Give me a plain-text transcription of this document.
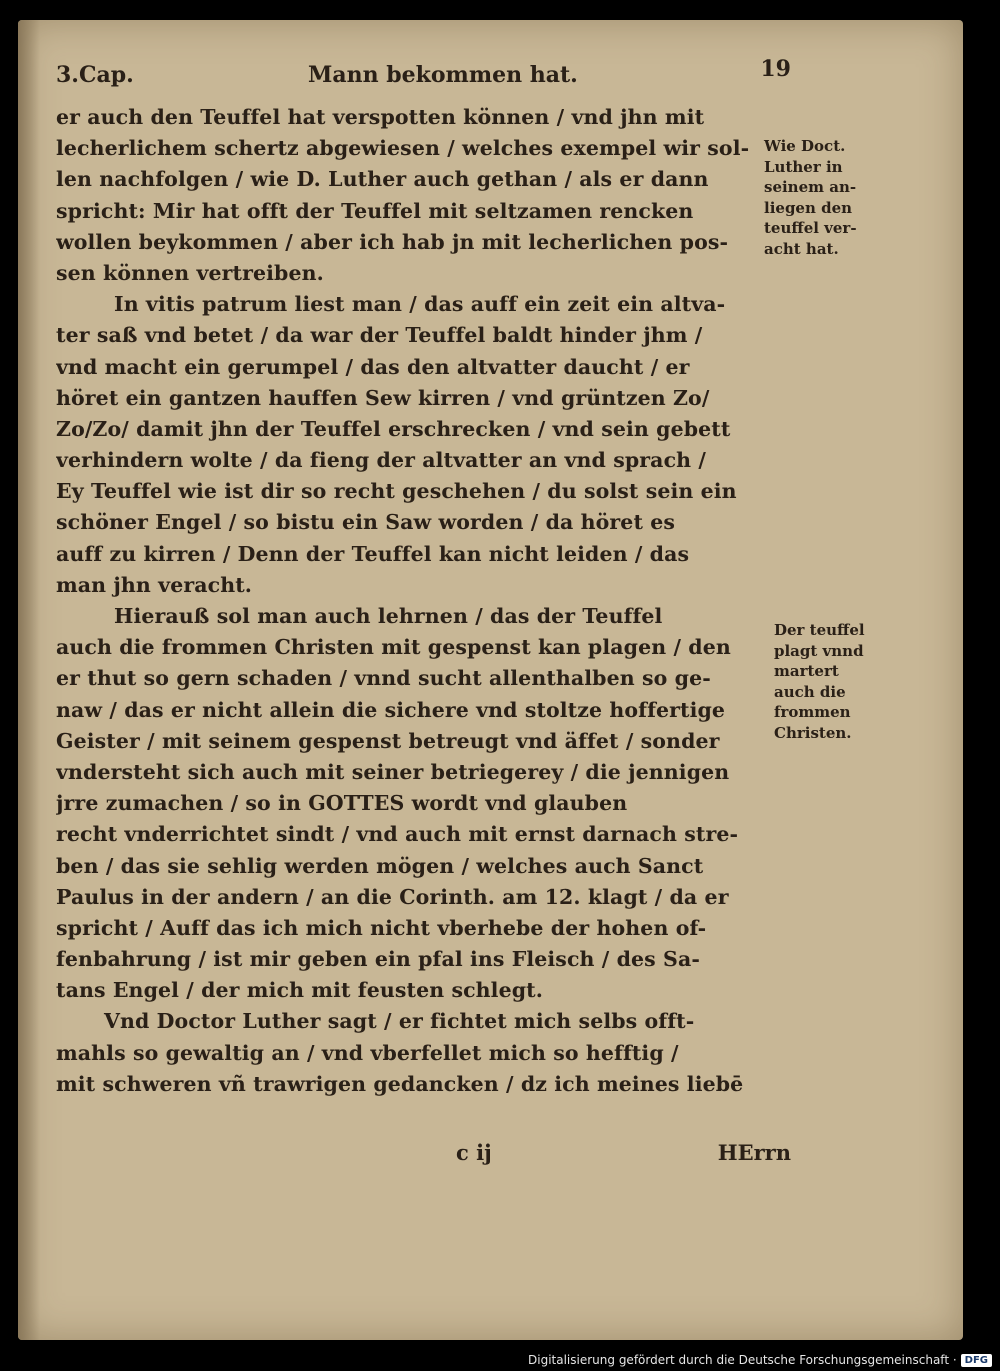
3.Cap.	Mann bekommen hat.	19
er auch den Teuffel hat verspotten können / vnd jhn mit
lecherlichem schertz abgewiesen / welches exempel wir sol-
len nachfolgen / wie D. Luther auch gethan / als er dann
spricht: Mir hat offt der Teuffel mit seltzamen rencken
wollen beykommen / aber ich hab jn mit lecherlichen pos-
sen können vertreiben.
In vitis patrum liest man / das auff ein zeit ein altva-
ter saß vnd betet / da war der Teuffel baldt hinder jhm /
vnd macht ein gerumpel / das den altvatter daucht / er
höret ein gantzen hauffen Sew kirren / vnd grüntzen Zo/
Zo/Zo/ damit jhn der Teuffel erschrecken / vnd sein gebett
verhindern wolte / da fieng der altvatter an vnd sprach /
Ey Teuffel wie ist dir so recht geschehen / du solst sein ein
schöner Engel / so bistu ein Saw worden / da höret es
auff zu kirren / Denn der Teuffel kan nicht leiden / das
man jhn veracht.
Hierauß sol man auch lehrnen / das der Teuffel
auch die frommen Christen mit gespenst kan plagen / den
er thut so gern schaden / vnnd sucht allenthalben so ge-
naw / das er nicht allein die sichere vnd stoltze hoffertige
Geister / mit seinem gespenst betreugt vnd äffet / sonder
vndersteht sich auch mit seiner betriegerey / die jennigen
jrre zumachen / so in GOTTES wordt vnd glauben
recht vnderrichtet sindt / vnd auch mit ernst darnach stre-
ben / das sie sehlig werden mögen / welches auch Sanct
Paulus in der andern / an die Corinth. am 12. klagt / da er
spricht / Auff das ich mich nicht vberhebe der hohen of-
fenbahrung / ist mir geben ein pfal ins Fleisch / des Sa-
tans Engel / der mich mit feusten schlegt.
Vnd Doctor Luther sagt / er fichtet mich selbs offt-
mahls so gewaltig an / vnd vberfellet mich so hefftig /
mit schweren vñ trawrigen gedancken / dz ich meines liebē
Wie Doct.
Luther in
seinem an-
liegen den
teuffel ver-
acht hat.
Der teuffel
plagt vnnd
martert
auch die
frommen
Christen.
c ij	HErrn
Digitalisierung gefördert durch die Deutsche Forschungsgemeinschaft · DFG
